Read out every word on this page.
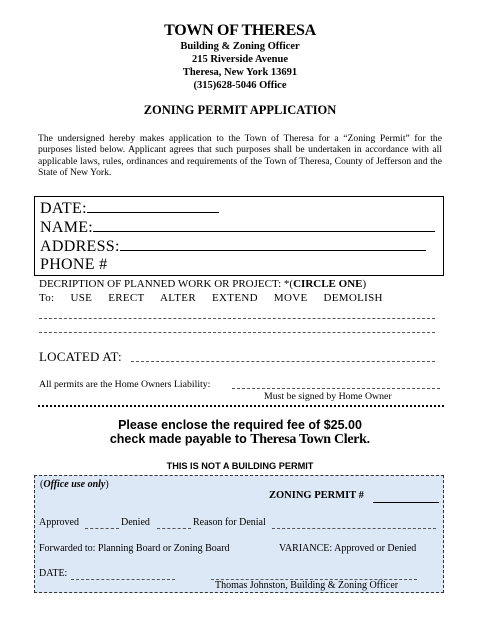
TOWN OF THERESA
Building & Zoning Officer
215 Riverside Avenue
Theresa, New York 13691
(315)628-5046 Office
ZONING PERMIT APPLICATION
The undersigned hereby makes application to the Town of Theresa for a “Zoning Permit” for the purposes listed below. Applicant agrees that such purposes shall be undertaken in accordance with all applicable laws, rules, ordinances and requirements of the Town of Theresa, County of Jefferson and the State of New York.
DATE:
NAME:
ADDRESS:
PHONE #
DECRIPTION OF PLANNED WORK OR PROJECT: *(CIRCLE ONE)
To: USE ERECT ALTER EXTEND MOVE DEMOLISH
LOCATED AT:
All permits are the Home Owners Liability:
Must be signed by Home Owner
Please enclose the required fee of $25.00
check made payable to Theresa Town Clerk.
THIS IS NOT A BUILDING PERMIT
(Office use only)
ZONING PERMIT #
Approved	Denied	Reason for Denial
Forwarded to: Planning Board or Zoning Board	VARIANCE: Approved or Denied
DATE:
Thomas Johnston, Building & Zoning Officer
